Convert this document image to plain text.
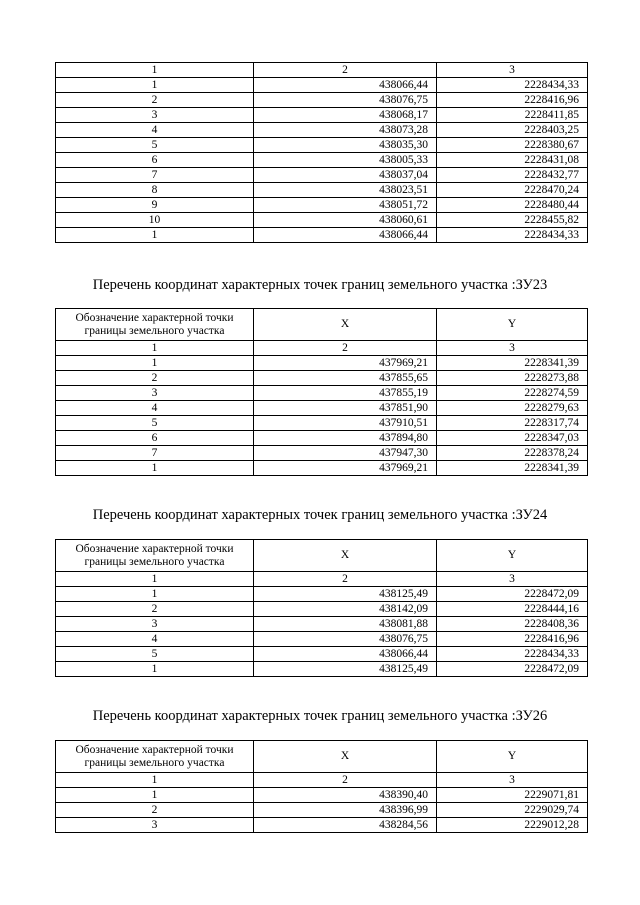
1	2	3
1	438066,44	2228434,33
2	438076,75	2228416,96
3	438068,17	2228411,85
4	438073,28	2228403,25
5	438035,30	2228380,67
6	438005,33	2228431,08
7	438037,04	2228432,77
8	438023,51	2228470,24
9	438051,72	2228480,44
10	438060,61	2228455,82
1	438066,44	2228434,33
Перечень координат характерных точек границ земельного участка :ЗУ23
Обозначение характерной точки границы земельного участка	X	Y
1	2	3
1	437969,21	2228341,39
2	437855,65	2228273,88
3	437855,19	2228274,59
4	437851,90	2228279,63
5	437910,51	2228317,74
6	437894,80	2228347,03
7	437947,30	2228378,24
1	437969,21	2228341,39
Перечень координат характерных точек границ земельного участка :ЗУ24
Обозначение характерной точки границы земельного участка	X	Y
1	2	3
1	438125,49	2228472,09
2	438142,09	2228444,16
3	438081,88	2228408,36
4	438076,75	2228416,96
5	438066,44	2228434,33
1	438125,49	2228472,09
Перечень координат характерных точек границ земельного участка :ЗУ26
Обозначение характерной точки границы земельного участка	X	Y
1	2	3
1	438390,40	2229071,81
2	438396,99	2229029,74
3	438284,56	2229012,28
